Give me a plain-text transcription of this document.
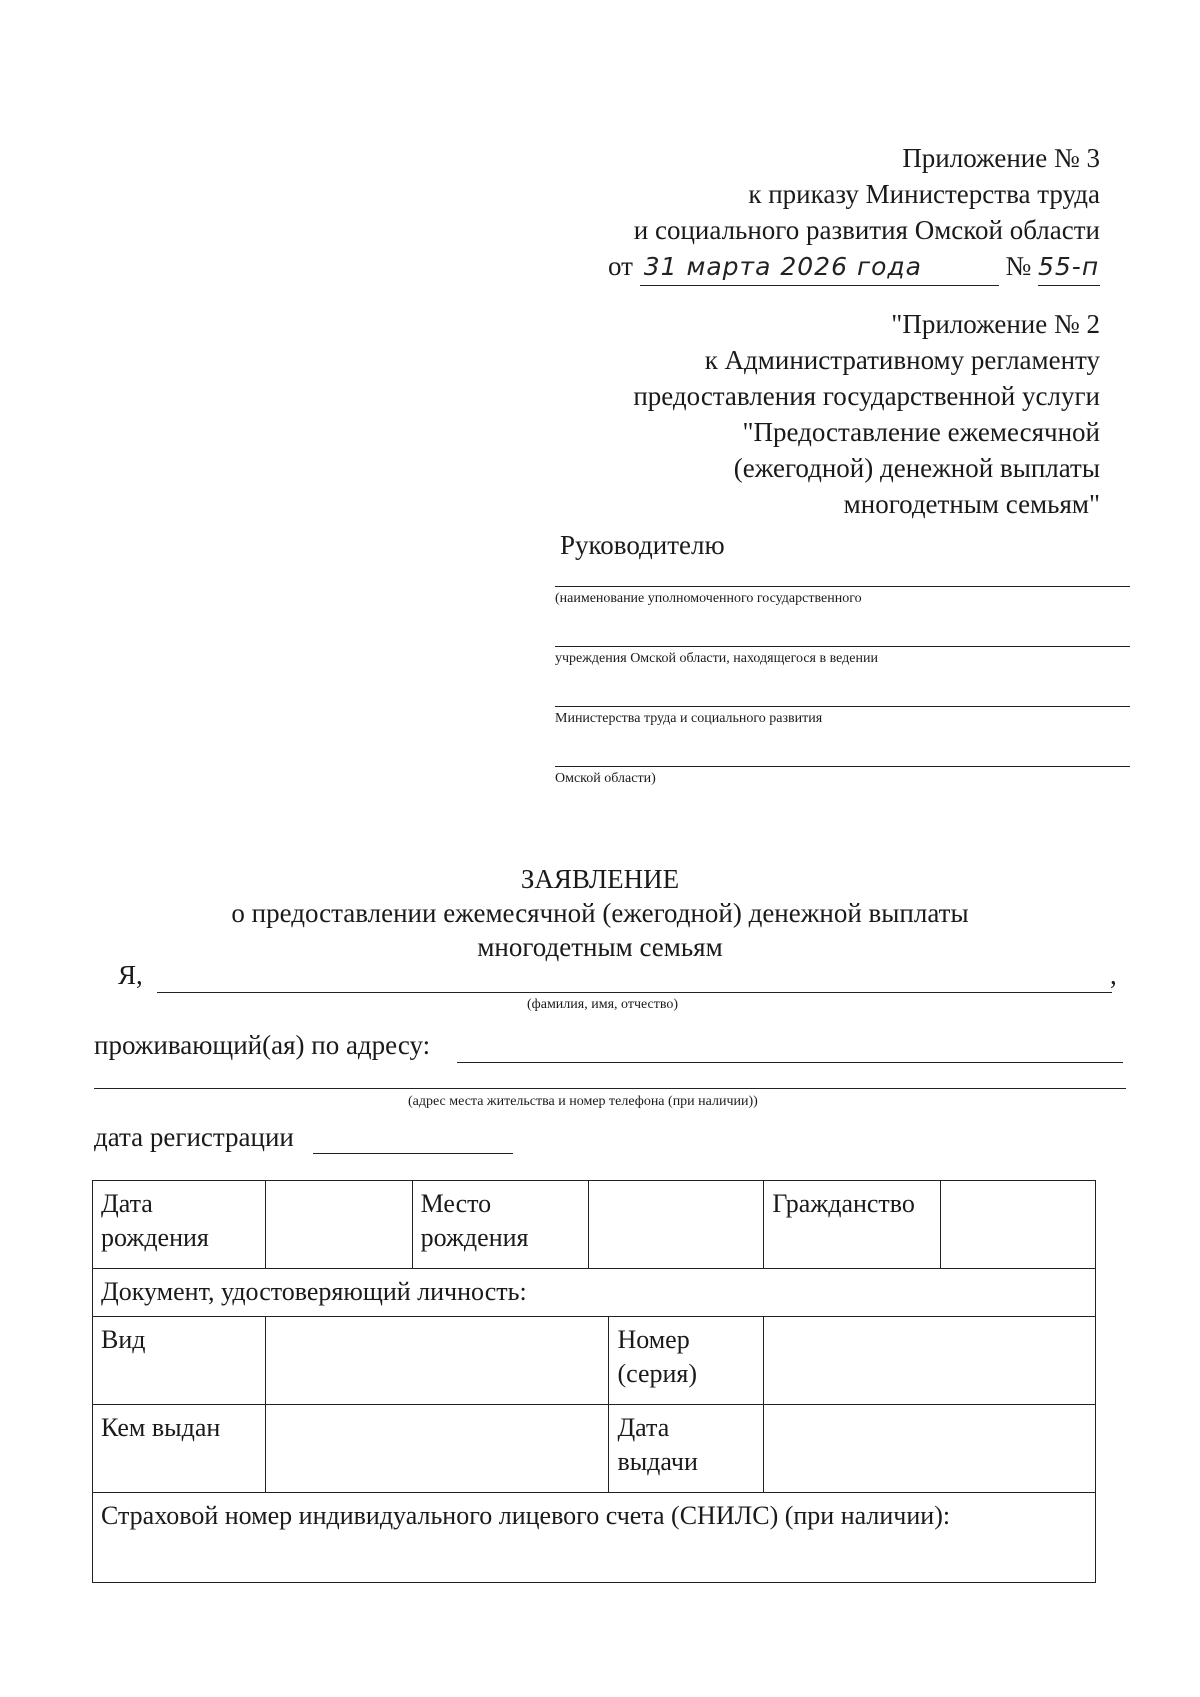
Приложение № 3
к приказу Министерства труда
и социального развития Омской области
от 31 марта 2026 года	№ 55-п
"Приложение № 2
к Административному регламенту
предоставления государственной услуги
"Предоставление ежемесячной
(ежегодной) денежной выплаты
многодетным семьям"
Руководителю
(наименование уполномоченного государственного
учреждения Омской области, находящегося в ведении
Министерства труда и социального развития
Омской области)
ЗАЯВЛЕНИЕ
о предоставлении ежемесячной (ежегодной) денежной выплаты
многодетным семьям
Я,	,
(фамилия, имя, отчество)
проживающий(ая) по адресу:
(адрес места жительства и номер телефона (при наличии))
дата регистрации
Дата рождения		Место рождения			Гражданство	
Документ, удостоверяющий личность:						
Вид				Номер (серия)		
Кем выдан				Дата выдачи		
Страховой номер индивидуального лицевого счета (СНИЛС) (при наличии):						
